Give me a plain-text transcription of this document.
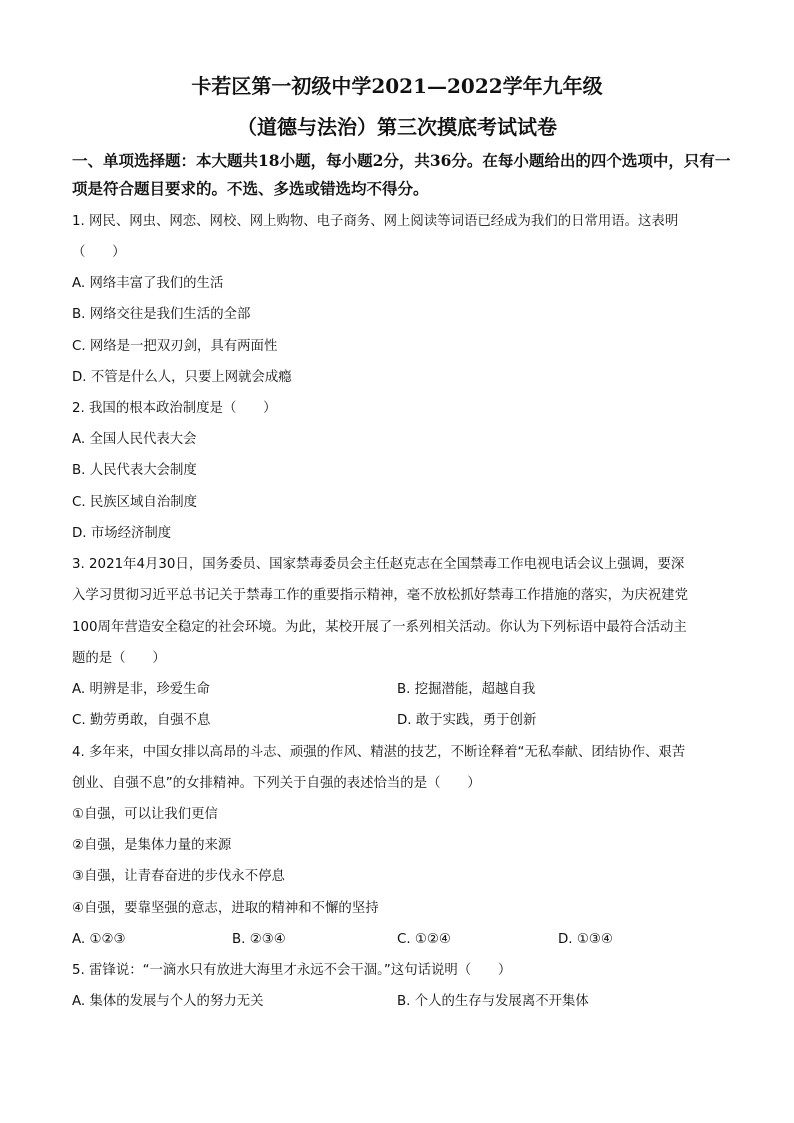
卡若区第一初级中学2021—2022学年九年级
（道德与法治）第三次摸底考试试卷
一、单项选择题：本大题共18小题，每小题2分，共36分。在每小题给出的四个选项中，只有一项是符合题目要求的。不选、多选或错选均不得分。
1. 网民、网虫、网恋、网校、网上购物、电子商务、网上阅读等词语已经成为我们的日常用语。这表明
（　　）
A. 网络丰富了我们的生活
B. 网络交往是我们生活的全部
C. 网络是一把双刃剑，具有两面性
D. 不管是什么人，只要上网就会成瘾
2. 我国的根本政治制度是（　　）
A. 全国人民代表大会
B. 人民代表大会制度
C. 民族区域自治制度
D. 市场经济制度
3. 2021年4月30日，国务委员、国家禁毒委员会主任赵克志在全国禁毒工作电视电话会议上强调，要深
入学习贯彻习近平总书记关于禁毒工作的重要指示精神，毫不放松抓好禁毒工作措施的落实，为庆祝建党
100周年营造安全稳定的社会环境。为此，某校开展了一系列相关活动。你认为下列标语中最符合活动主
题的是（　　）
A. 明辨是非，珍爱生命	B. 挖掘潜能，超越自我
C. 勤劳勇敢，自强不息	D. 敢于实践，勇于创新
4. 多年来，中国女排以高昂的斗志、顽强的作风、精湛的技艺，不断诠释着“无私奉献、团结协作、艰苦
创业、自强不息”的女排精神。下列关于自强的表述恰当的是（　　）
①自强，可以让我们更信
②自强，是集体力量的来源
③自强，让青春奋进的步伐永不停息
④自强，要靠坚强的意志，进取的精神和不懈的坚持
A. ①②③	B. ②③④	C. ①②④	D. ①③④
5. 雷锋说：“一滴水只有放进大海里才永远不会干涸。”这句话说明（　　）
A. 集体的发展与个人的努力无关	B. 个人的生存与发展离不开集体
